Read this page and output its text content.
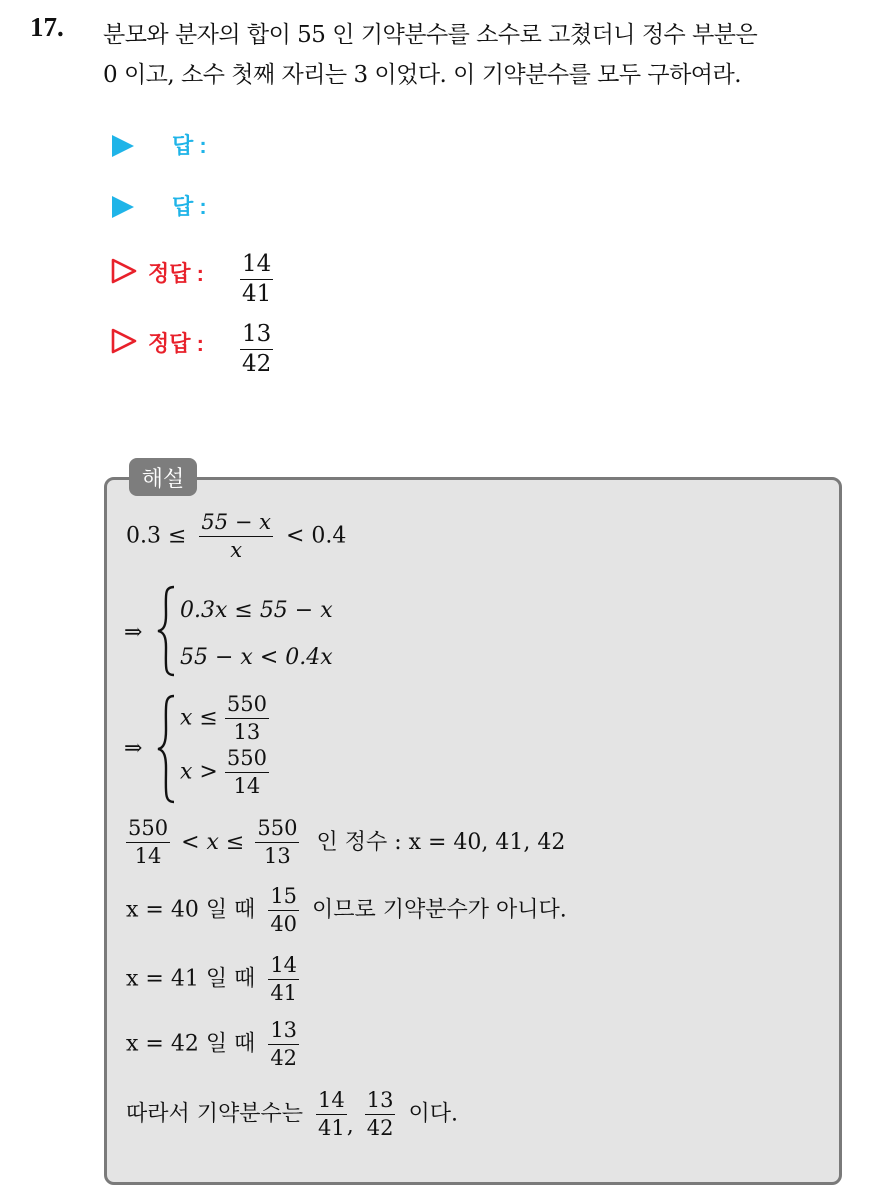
17. 분모와 분자의 합이 55 인 기약분수를 소수로 고쳤더니 정수 부분은
0 이고, 소수 첫째 자리는 3 이었다. 이 기약분수를 모두 구하여라.
답 :
답 :
정답 : 14
41
정답 : 13
42
해설
$0.3 \le \frac{55 - x}{x} < 0.4$
⇒
0.3x ≤ 55 − x
55 − x < 0.4x
⇒
$x \le \frac{550}{13}$
$x > \frac{550}{14}$
$\frac{550}{14} < x \le \frac{550}{13}$ 인 정수 : x = 40, 41, 42
x = 40 일 때 $\frac{15}{40}$ 이므로 기약분수가 아니다.
x = 41 일 때 $\frac{14}{41}$
x = 42 일 때 $\frac{13}{42}$
따라서 기약분수는 $\frac{14}{41}$ , $\frac{13}{42}$ 이다.
